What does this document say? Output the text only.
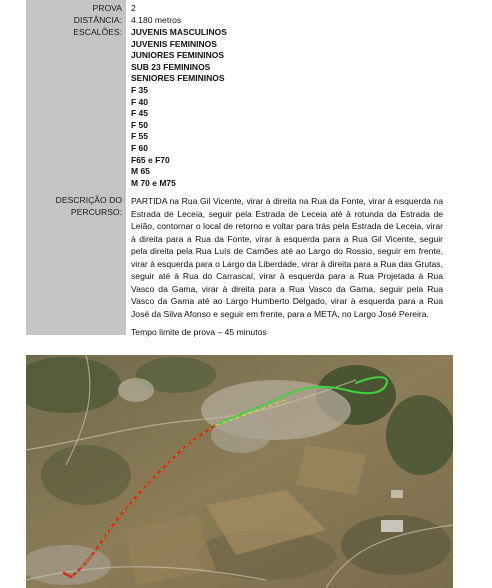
PROVA
DISTÂNCIA:
ESCALÕES:
DESCRIÇÃO DO
PERCURSO:
2
4.180 metros
JUVENIS MASCULINOS
JUVENIS FEMININOS
JUNIORES FEMININOS
SUB 23 FEMININOS
SENIORES FEMININOS
F 35
F 40
F 45
F 50
F 55
F 60
F65 e F70
M 65
M 70 e M75
PARTIDA na Rua Gil Vicente, virar à direita na Rua da Fonte, virar à esquerda na Estrada de Leceia, seguir pela Estrada de Leceia até à rotunda da Estrada de Leião, contornar o local de retorno e voltar para trás pela Estrada de Leceia, virar à direita para a Rua da Fonte, virar à esquerda para a Rua Gil Vicente, seguir pela direita pela Rua Luís de Camões até ao Largo do Rossio, seguir em frente, virar à esquerda para o Largo da Liberdade, virar à direita para a Rua das Grutas, seguir até à Rua do Carrascal, virar à esquerda para a Rua Projetada à Rua Vasco da Gama, virar à direita para a Rua Vasco da Gama, seguir pela Rua Vasco da Gama até ao Largo Humberto Delgado, virar à esquerda para a Rua José da Silva Afonso e seguir em frente, para a META, no Largo José Pereira.
Tempo limite de prova – 45 minutos
